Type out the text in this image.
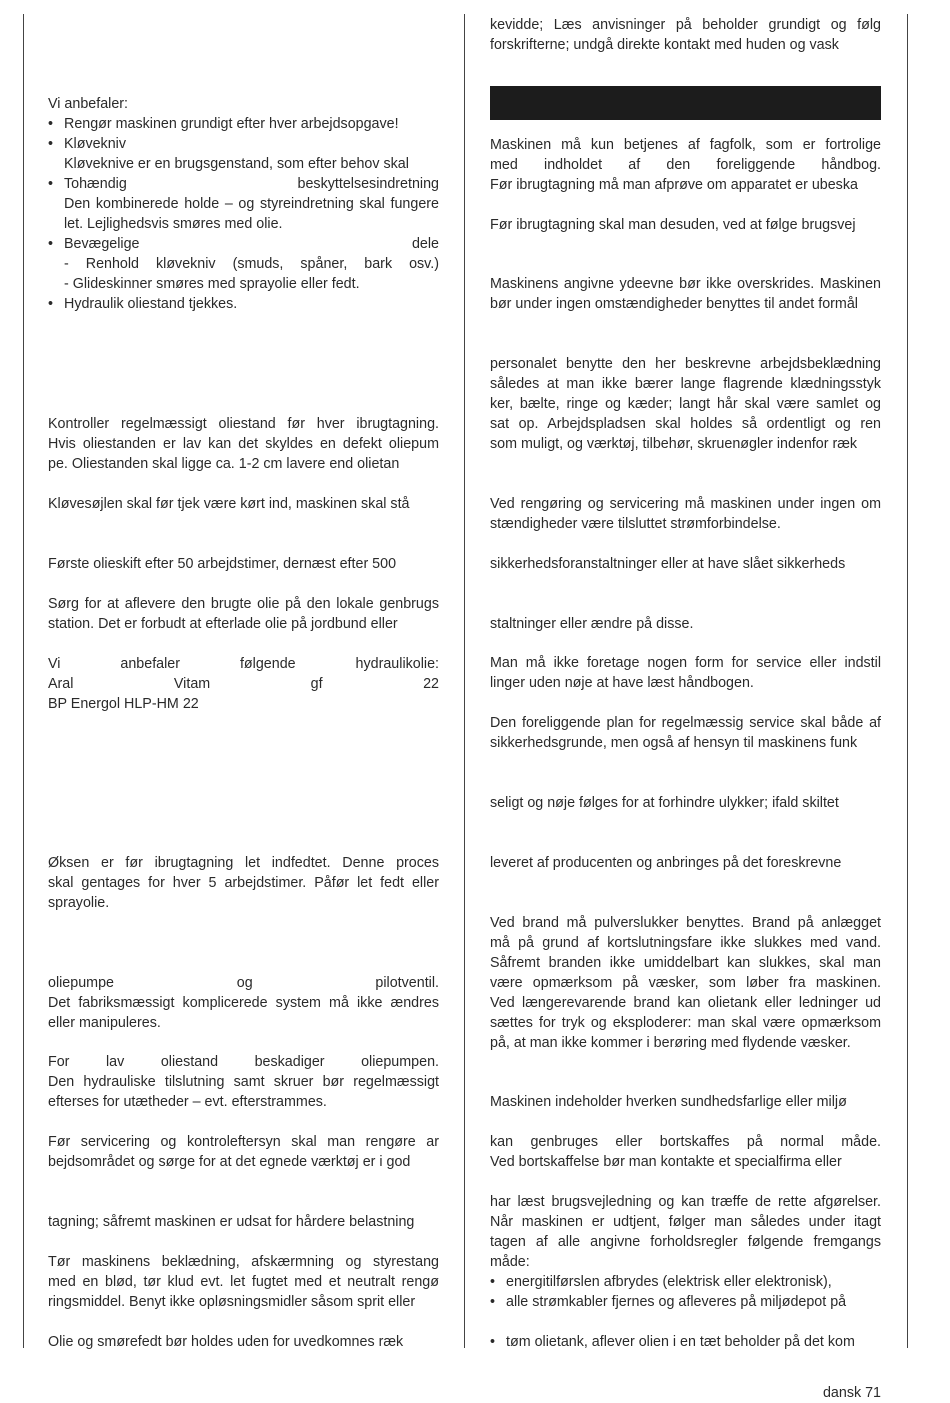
Vi anbefaler:
• Rengør maskinen grundigt efter hver arbejdsopgave!
• Kløvekniv
Kløveknive er en brugsgenstand, som efter behov skal
• Tohændig beskyttelsesindretning
Den kombinerede holde – og styreindretning skal fungere
let. Lejlighedsvis smøres med olie.
• Bevægelige dele
- Renhold kløvekniv (smuds, spåner, bark osv.)
- Glideskinner smøres med sprayolie eller fedt.
• Hydraulik oliestand tjekkes.
Kontroller regelmæssigt oliestand før hver ibrugtagning.
Hvis oliestanden er lav kan det skyldes en defekt oliepum
pe. Oliestanden skal ligge ca. 1-2 cm lavere end olietan
Kløvesøjlen skal før tjek være kørt ind, maskinen skal stå
Første olieskift efter 50 arbejdstimer, dernæst efter 500
Sørg for at aflevere den brugte olie på den lokale genbrugs
station. Det er forbudt at efterlade olie på jordbund eller
Vi anbefaler følgende hydraulikolie:
Aral Vitam gf 22
BP Energol HLP-HM 22
Øksen er før ibrugtagning let indfedtet. Denne proces
skal gentages for hver 5 arbejdstimer. Påfør let fedt eller
sprayolie.
oliepumpe og pilotventil.
Det fabriksmæssigt komplicerede system må ikke ændres
eller manipuleres.
For lav oliestand beskadiger oliepumpen.
Den hydrauliske tilslutning samt skruer bør regelmæssigt
efterses for utætheder – evt. efterstrammes.
Før servicering og kontroleftersyn skal man rengøre ar
bejdsområdet og sørge for at det egnede værktøj er i god
tagning; såfremt maskinen er udsat for hårdere belastning
Tør maskinens beklædning, afskærmning og styrestang
med en blød, tør klud evt. let fugtet med et neutralt rengø
ringsmiddel. Benyt ikke opløsningsmidler såsom sprit eller
Olie og smørefedt bør holdes uden for uvedkomnes ræk
kevidde; Læs anvisninger på beholder grundigt og følg
forskrifterne; undgå direkte kontakt med huden og vask
Maskinen må kun betjenes af fagfolk, som er fortrolige
med indholdet af den foreliggende håndbog.
Før ibrugtagning må man afprøve om apparatet er ubeska
Før ibrugtagning skal man desuden, ved at følge brugsvej
Maskinens angivne ydeevne bør ikke overskrides. Maskinen
bør under ingen omstændigheder benyttes til andet formål
personalet benytte den her beskrevne arbejdsbeklædning
således at man ikke bærer lange flagrende klædningsstyk
ker, bælte, ringe og kæder; langt hår skal være samlet og
sat op. Arbejdspladsen skal holdes så ordentligt og ren
som muligt, og værktøj, tilbehør, skruenøgler indenfor ræk
Ved rengøring og servicering må maskinen under ingen om
stændigheder være tilsluttet strømforbindelse.
sikkerhedsforanstaltninger eller at have slået sikkerheds
staltninger eller ændre på disse.
Man må ikke foretage nogen form for service eller indstil
linger uden nøje at have læst håndbogen.
Den foreliggende plan for regelmæssig service skal både af
sikkerhedsgrunde, men også af hensyn til maskinens funk
seligt og nøje følges for at forhindre ulykker; ifald skiltet
leveret af producenten og anbringes på det foreskrevne
Ved brand må pulverslukker benyttes. Brand på anlægget
må på grund af kortslutningsfare ikke slukkes med vand.
Såfremt branden ikke umiddelbart kan slukkes, skal man
være opmærksom på væsker, som løber fra maskinen.
Ved længerevarende brand kan olietank eller ledninger ud
sættes for tryk og eksploderer: man skal være opmærksom
på, at man ikke kommer i berøring med flydende væsker.
Maskinen indeholder hverken sundhedsfarlige eller miljø
kan genbruges eller bortskaffes på normal måde.
Ved bortskaffelse bør man kontakte et specialfirma eller
har læst brugsvejledning og kan træffe de rette afgørelser.
Når maskinen er udtjent, følger man således under itagt
tagen af alle angivne forholdsregler følgende fremgangs
måde:
• energitilførslen afbrydes (elektrisk eller elektronisk),
• alle strømkabler fjernes og afleveres på miljødepot på
• tøm olietank, aflever olien i en tæt beholder på det kom
dansk 71
